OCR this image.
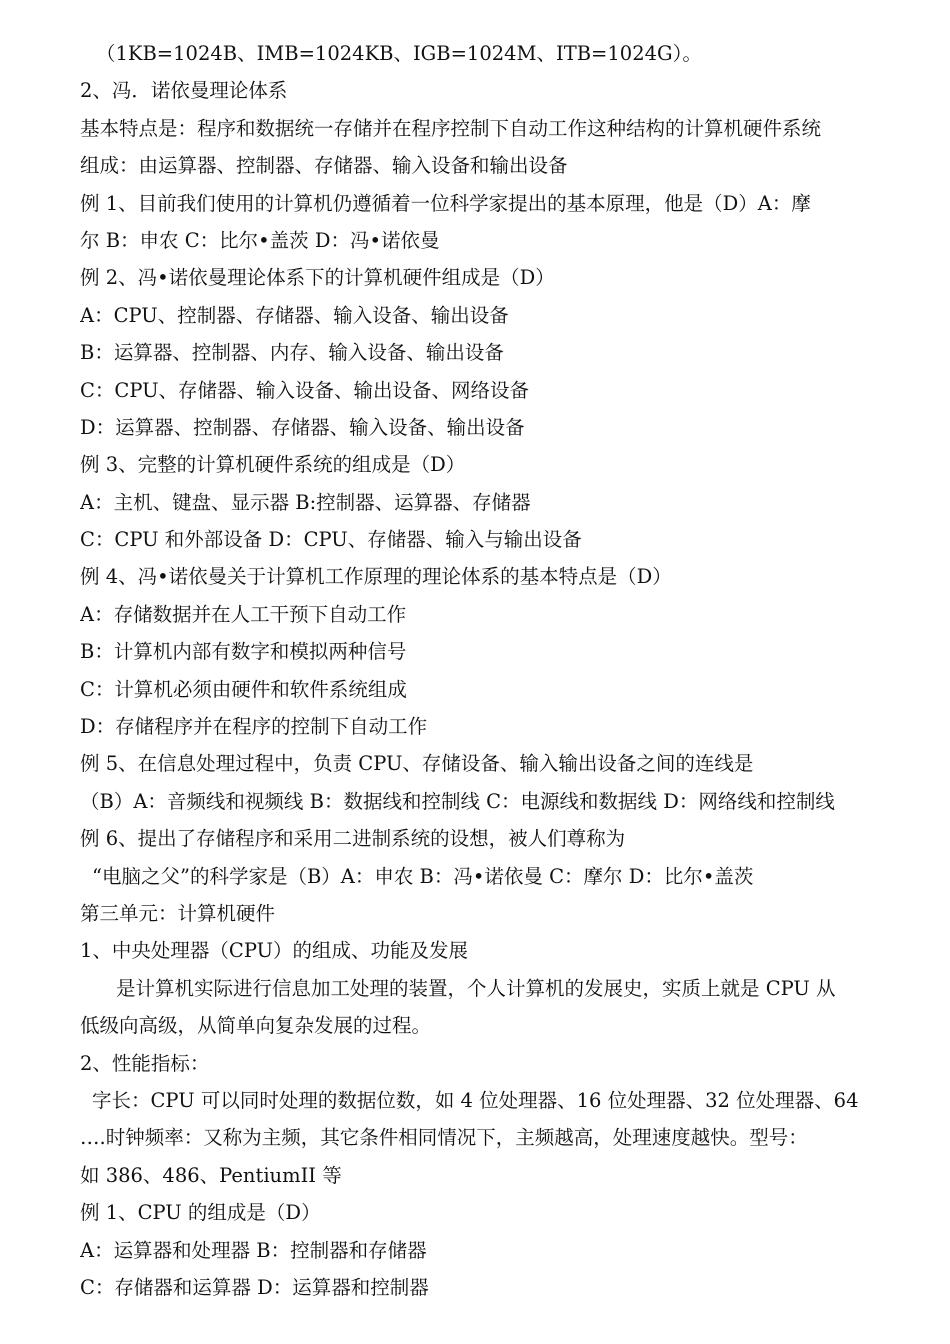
（1KB=1024B、IMB=1024KB、IGB=1024M、ITB=1024G）。
2、冯．诺依曼理论体系
基本特点是：程序和数据统一存储并在程序控制下自动工作这种结构的计算机硬件系统
组成：由运算器、控制器、存储器、输入设备和输出设备
例 1、目前我们使用的计算机仍遵循着一位科学家提出的基本原理，他是（D）A：摩
尔 B：申农 C：比尔•盖茨 D：冯•诺依曼
例 2、冯•诺依曼理论体系下的计算机硬件组成是（D）
A：CPU、控制器、存储器、输入设备、输出设备
B：运算器、控制器、内存、输入设备、输出设备
C：CPU、存储器、输入设备、输出设备、网络设备
D：运算器、控制器、存储器、输入设备、输出设备
例 3、完整的计算机硬件系统的组成是（D）
A：主机、键盘、显示器 B:控制器、运算器、存储器
C：CPU 和外部设备 D：CPU、存储器、输入与输出设备
例 4、冯•诺依曼关于计算机工作原理的理论体系的基本特点是（D）
A：存储数据并在人工干预下自动工作
B：计算机内部有数字和模拟两种信号
C：计算机必须由硬件和软件系统组成
D：存储程序并在程序的控制下自动工作
例 5、在信息处理过程中，负责 CPU、存储设备、输入输出设备之间的连线是
（B）A：音频线和视频线 B：数据线和控制线 C：电源线和数据线 D：网络线和控制线
例 6、提出了存储程序和采用二进制系统的设想，被人们尊称为
“电脑之父”的科学家是（B）A：申农 B：冯•诺依曼 C：摩尔 D：比尔•盖茨
第三单元：计算机硬件
1、中央处理器（CPU）的组成、功能及发展
是计算机实际进行信息加工处理的装置，个人计算机的发展史，实质上就是 CPU 从
低级向高级，从简单向复杂发展的过程。
2、性能指标：
字长：CPU 可以同时处理的数据位数，如 4 位处理器、16 位处理器、32 位处理器、64
….时钟频率：又称为主频，其它条件相同情况下，主频越高，处理速度越快。型号：
如 386、486、PentiumII 等
例 1、CPU 的组成是（D）
A：运算器和处理器 B：控制器和存储器
C：存储器和运算器 D：运算器和控制器
